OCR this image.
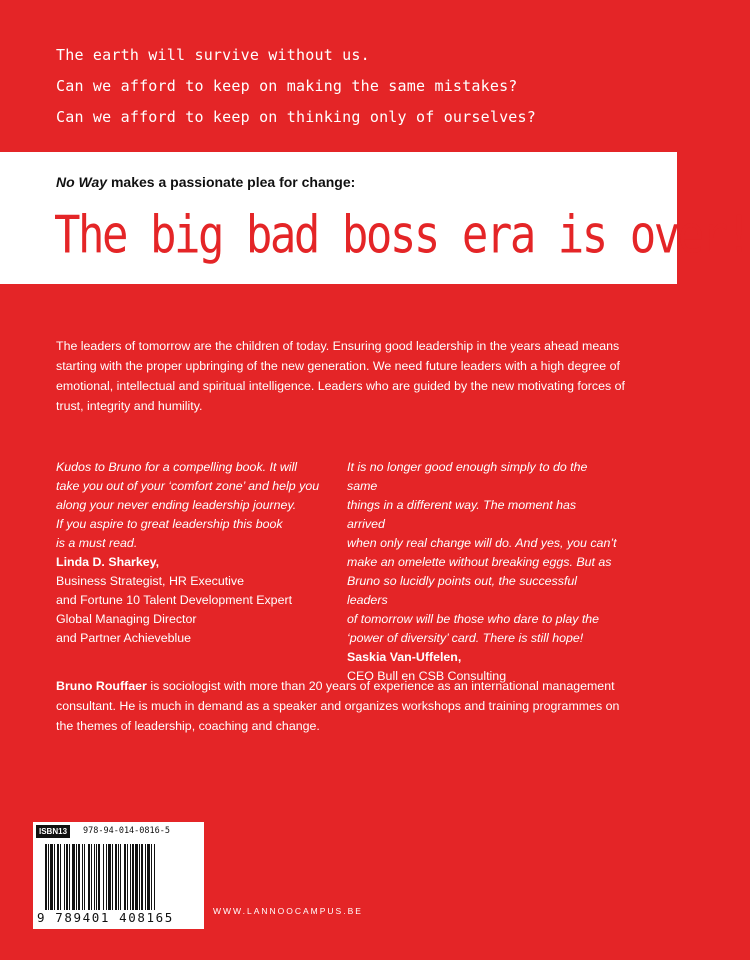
The earth will survive without us.
Can we afford to keep on making the same mistakes?
Can we afford to keep on thinking only of ourselves?
No Way makes a passionate plea for change:
The big bad boss era is over!
The leaders of tomorrow are the children of today. Ensuring good leadership in the years ahead means starting with the proper upbringing of the new generation. We need future leaders with a high degree of emotional, intellectual and spiritual intelligence. Leaders who are guided by the new motivating forces of trust, integrity and humility.
Kudos to Bruno for a compelling book. It will
take you out of your ‘comfort zone’ and help you
along your never ending leadership journey.
If you aspire to great leadership this book
is a must read.
Linda D. Sharkey,
Business Strategist, HR Executive
and Fortune 10 Talent Development Expert
Global Managing Director
and Partner Achieveblue
It is no longer good enough simply to do the same
things in a different way. The moment has arrived
when only real change will do. And yes, you can’t
make an omelette without breaking eggs. But as
Bruno so lucidly points out, the successful leaders
of tomorrow will be those who dare to play the
‘power of diversity’ card. There is still hope!
Saskia Van-Uffelen,
CEO Bull en CSB Consulting
Bruno Rouffaer is sociologist with more than 20 years of experience as an international management consultant. He is much in demand as a speaker and organizes workshops and training programmes on the themes of leadership, coaching and change.
ISBN13	978-94-014-0816-5
9 789401 408165	WWW.LANNOOCAMPUS.BE
